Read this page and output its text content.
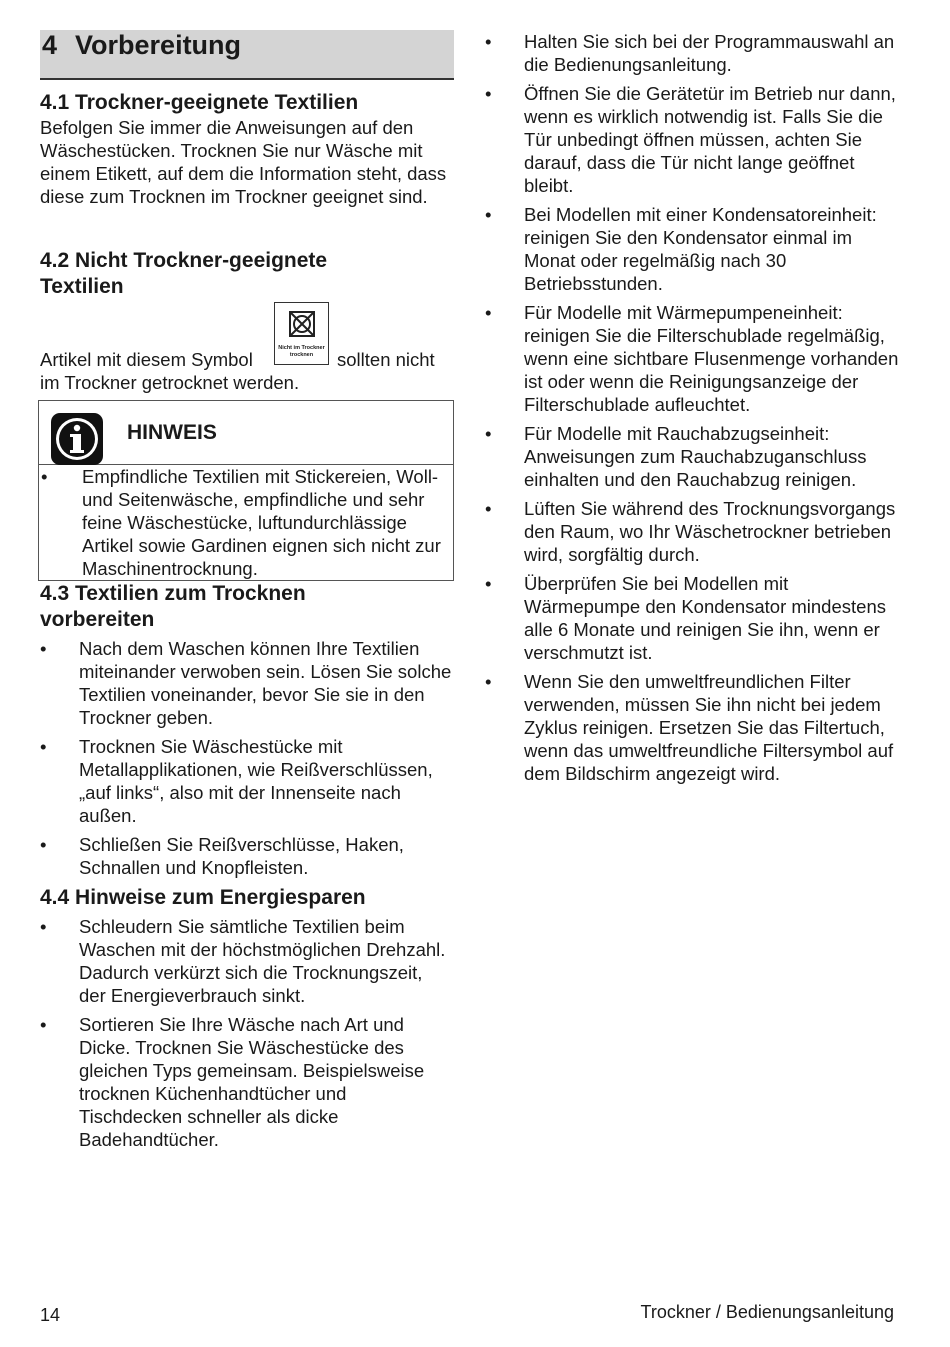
4 Vorbereitung
4.1 Trockner-geeignete Textilien

Befolgen Sie immer die Anweisungen auf den Wäschestücken. Trocknen Sie nur Wäsche mit einem Etikett, auf dem die Information steht, dass diese zum Trocknen im Trockner geeignet sind.

4.2 Nicht Trockner-geeignete
Textilien
Artikel mit diesem Symbol
Nicht im Trockner
trocknen	sollten nicht

im Trockner getrocknet werden.

HINWEIS
• Empfindliche Textilien mit Stickereien, Woll- und Seitenwäsche, empfindliche und sehr feine Wäschestücke, luftundurchlässige Artikel sowie Gardinen eignen sich nicht zur Maschinentrocknung.
4.3 Textilien zum Trocknen
vorbereiten
• Nach dem Waschen können Ihre Textilien miteinander verwoben sein. Lösen Sie solche Textilien voneinander, bevor Sie sie in den Trockner geben.
• Trocknen Sie Wäschestücke mit Metallapplikationen, wie Reißverschlüssen, „auf links“, also mit der Innenseite nach außen.
• Schließen Sie Reißverschlüsse, Haken, Schnallen und Knopfleisten.
4.4 Hinweise zum Energiesparen
• Schleudern Sie sämtliche Textilien beim Waschen mit der höchstmöglichen Drehzahl. Dadurch verkürzt sich die Trocknungszeit, der Energieverbrauch sinkt.
• Sortieren Sie Ihre Wäsche nach Art und Dicke. Trocknen Sie Wäschestücke des gleichen Typs gemeinsam. Beispielsweise trocknen Küchenhandtücher und Tischdecken schneller als dicke Badehandtücher.
• Halten Sie sich bei der Programmauswahl an die Bedienungsanleitung.
• Öffnen Sie die Gerätetür im Betrieb nur dann, wenn es wirklich notwendig ist. Falls Sie die Tür unbedingt öffnen müssen, achten Sie darauf, dass die Tür nicht lange geöffnet bleibt.
• Bei Modellen mit einer Kondensatoreinheit: reinigen Sie den Kondensator einmal im Monat oder regelmäßig nach 30 Betriebsstunden.
• Für Modelle mit Wärmepumpeneinheit: reinigen Sie die Filterschublade regelmäßig, wenn eine sichtbare Flusenmenge vorhanden ist oder wenn die Reinigungsanzeige der Filterschublade aufleuchtet.
• Für Modelle mit Rauchabzugseinheit: Anweisungen zum Rauchabzuganschluss einhalten und den Rauchabzug reinigen.
• Lüften Sie während des Trocknungsvorgangs den Raum, wo Ihr Wäschetrockner betrieben wird, sorgfältig durch.
• Überprüfen Sie bei Modellen mit Wärmepumpe den Kondensator mindestens alle 6 Monate und reinigen Sie ihn, wenn er verschmutzt ist.
• Wenn Sie den umweltfreundlichen Filter verwenden, müssen Sie ihn nicht bei jedem Zyklus reinigen. Ersetzen Sie das Filtertuch, wenn das umweltfreundliche Filtersymbol auf dem Bildschirm angezeigt wird.
14	Trockner / Bedienungsanleitung
